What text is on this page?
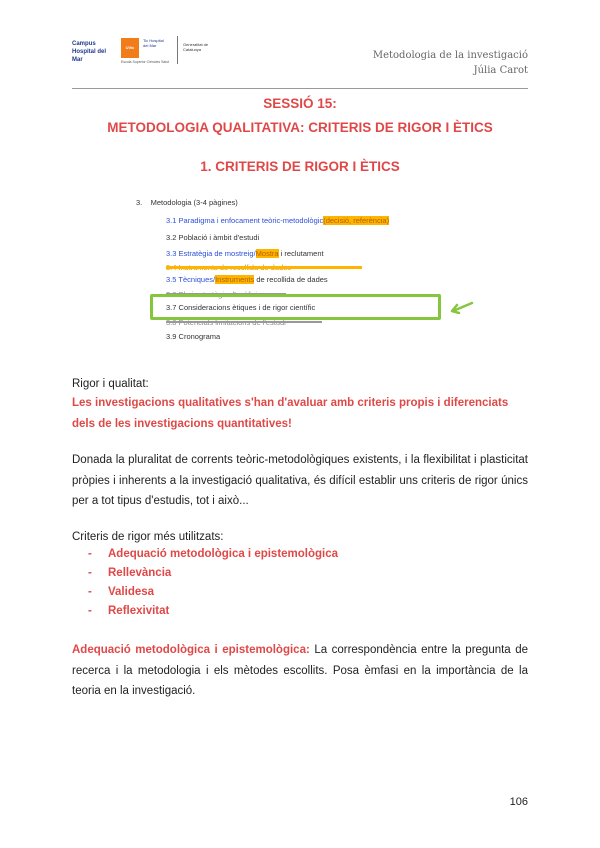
Campus Hospital del Mar
UVic
Tic Hospital del Mar
Escola Superior Ciències Salut
Generalitat de Catalunya
Metodologia de la investigació
Júlia Carot
SESSIÓ 15:
METODOLOGIA QUALITATIVA: CRITERIS DE RIGOR I ÈTICS
1. CRITERIS DE RIGOR I ÈTICS
3. Metodologia (3-4 pàgines)
3.1 Paradigma i enfocament teòric-metodològic(decisió, referència)
3.2 Població i àmbit d'estudi
3.3 Estratègia de mostreig/Mostra i reclutament
3.5 Tècniques/Instruments de recollida de dades
3.7 Consideracions ètiques i de rigor científic
3.9 Cronograma
Rigor i qualitat:
Les investigacions qualitatives s'han d'avaluar amb criteris propis i diferenciats dels de les investigacions quantitatives!
Donada la pluralitat de corrents teòric-metodològiques existents, i la flexibilitat i plasticitat pròpies i inherents a la investigació qualitativa, és difícil establir uns criteris de rigor únics per a tot tipus d'estudis, tot i això...
Criteris de rigor més utilitzats:
-	Adequació metodològica i epistemològica
-	Rellevància
-	Validesa
-	Reflexivitat
Adequació metodològica i epistemològica: La correspondència entre la pregunta de recerca i la metodologia i els mètodes escollits. Posa èmfasi en la importància de la teoria en la investigació.
106
